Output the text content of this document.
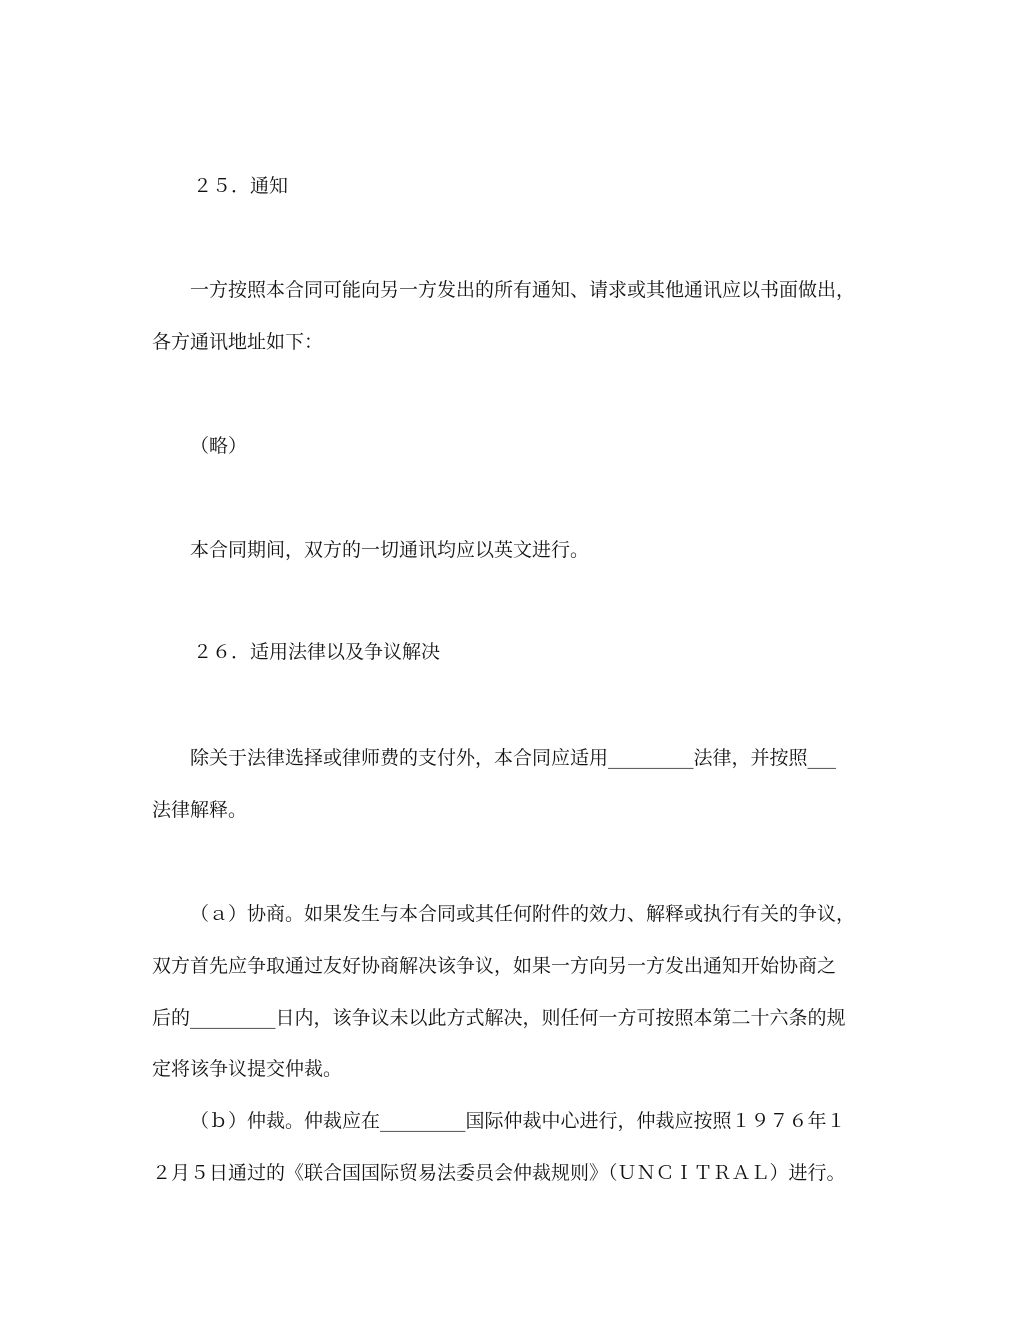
２５．通知
一方按照本合同可能向另一方发出的所有通知、请求或其他通讯应以书面做出，
各方通讯地址如下：
（略）
本合同期间，双方的一切通讯均应以英文进行。
２６．适用法律以及争议解决
除关于法律选择或律师费的支付外，本合同应适用_________法律，并按照___
法律解释。
（ａ）协商。如果发生与本合同或其任何附件的效力、解释或执行有关的争议，
双方首先应争取通过友好协商解决该争议，如果一方向另一方发出通知开始协商之
后的_________日内，该争议未以此方式解决，则任何一方可按照本第二十六条的规
定将该争议提交仲裁。
（ｂ）仲裁。仲裁应在_________国际仲裁中心进行，仲裁应按照１９７６年１
２月５日通过的《联合国国际贸易法委员会仲裁规则》（ＵＮＣＩＴＲＡＬ）进行。
